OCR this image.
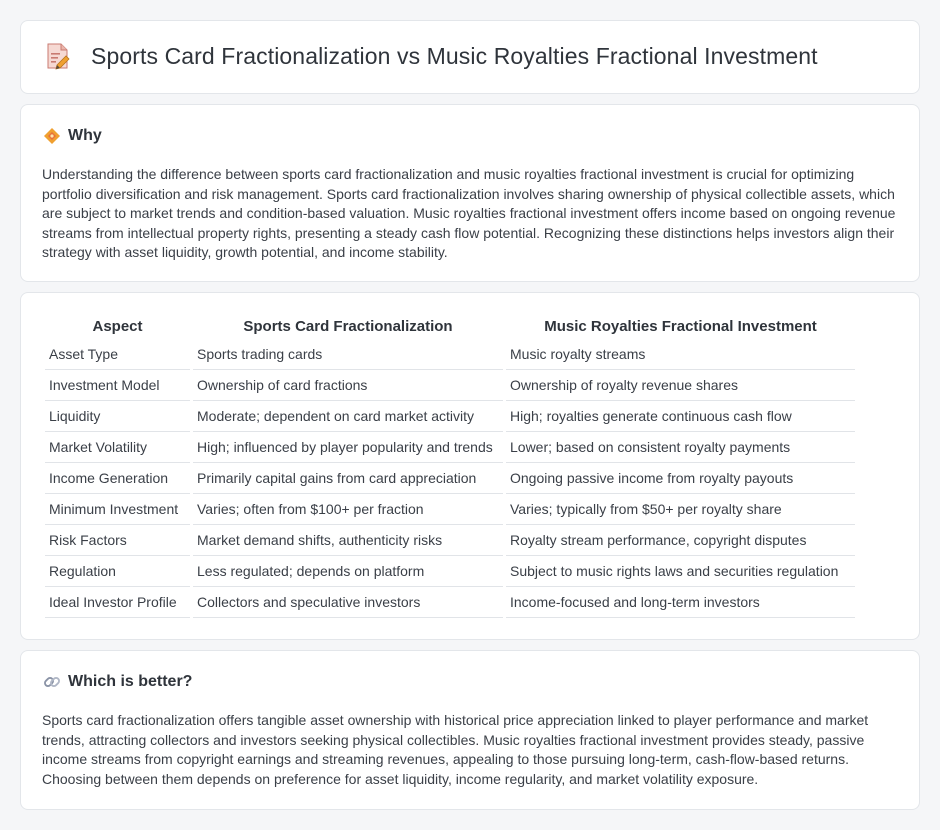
Sports Card Fractionalization vs Music Royalties Fractional Investment
Why

Understanding the difference between sports card fractionalization and music royalties fractional investment is crucial for optimizing portfolio diversification and risk management. Sports card fractionalization involves sharing ownership of physical collectible assets, which are subject to market trends and condition-based valuation. Music royalties fractional investment offers income based on ongoing revenue streams from intellectual property rights, presenting a steady cash flow potential. Recognizing these distinctions helps investors align their strategy with asset liquidity, growth potential, and income stability.

Aspect	Sports Card Fractionalization	Music Royalties Fractional Investment
Asset Type	Sports trading cards	Music royalty streams
Investment Model	Ownership of card fractions	Ownership of royalty revenue shares
Liquidity	Moderate; dependent on card market activity	High; royalties generate continuous cash flow
Market Volatility	High; influenced by player popularity and trends	Lower; based on consistent royalty payments
Income Generation	Primarily capital gains from card appreciation	Ongoing passive income from royalty payouts
Minimum Investment	Varies; often from $100+ per fraction	Varies; typically from $50+ per royalty share
Risk Factors	Market demand shifts, authenticity risks	Royalty stream performance, copyright disputes
Regulation	Less regulated; depends on platform	Subject to music rights laws and securities regulation
Ideal Investor Profile	Collectors and speculative investors	Income-focused and long-term investors
Which is better?

Sports card fractionalization offers tangible asset ownership with historical price appreciation linked to player performance and market trends, attracting collectors and investors seeking physical collectibles. Music royalties fractional investment provides steady, passive income streams from copyright earnings and streaming revenues, appealing to those pursuing long-term, cash-flow-based returns. Choosing between them depends on preference for asset liquidity, income regularity, and market volatility exposure.
